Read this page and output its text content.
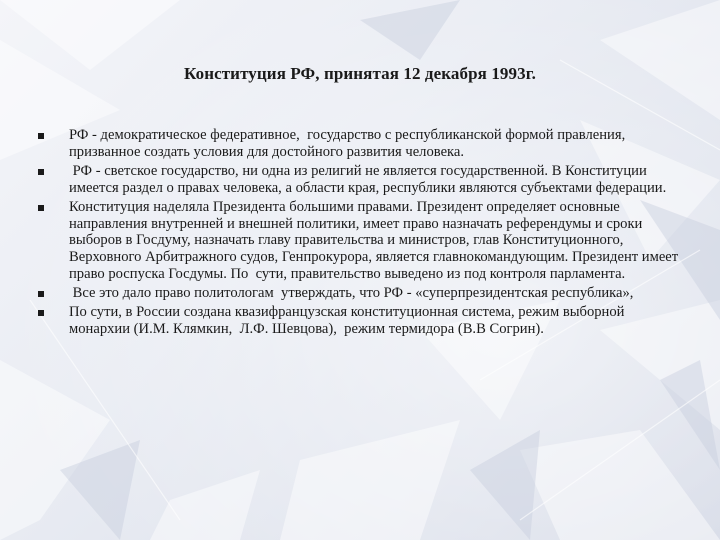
Конституция РФ, принятая 12 декабря 1993г.
РФ - демократическое федеративное,  государство с республиканской формой правления, призванное создать условия для достойного развития человека.
РФ - светское государство, ни одна из религий не является государственной. В Конституции имеется раздел о правах человека, а области края, республики являются субъектами федерации.
Конституция наделяла Президента большими правами. Президент определяет основные направления внутренней и внешней политики, имеет право назначать референдумы и сроки выборов в Госдуму, назначать главу правительства и министров, глав Конституционного, Верховного Арбитражного судов, Генпрокурора, является главнокомандующим. Президент имеет право роспуска Госдумы. По  сути, правительство выведено из под контроля парламента.
Все это дало право политологам  утверждать, что РФ - «суперпрезидентская республика»,
По сути, в России создана квазифранцузская конституционная система, режим выборной монархии (И.М. Клямкин,  Л.Ф. Шевцова),  режим термидора (В.В Согрин).
